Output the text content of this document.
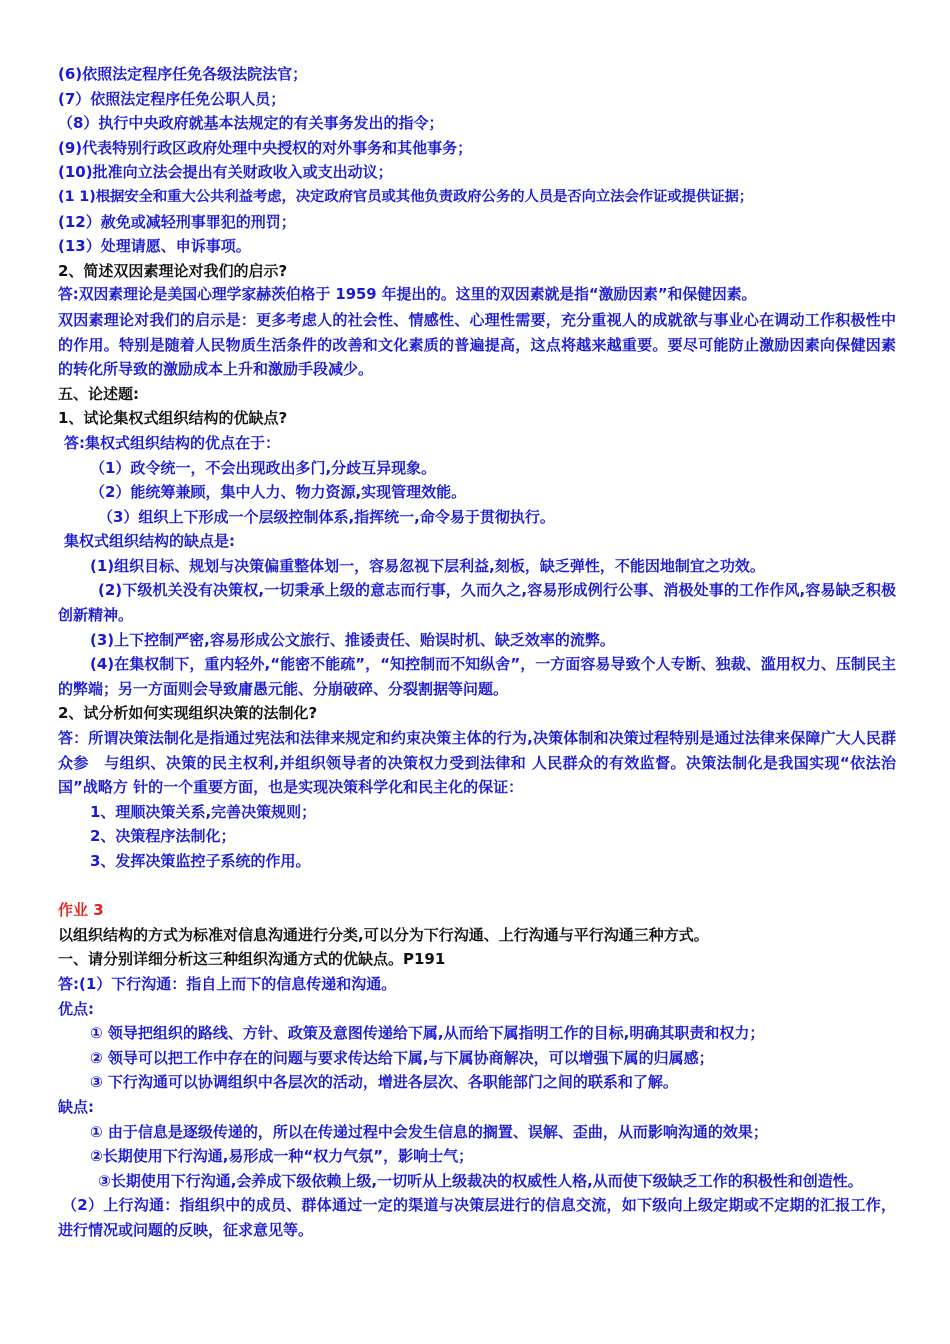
(6)依照法定程序任免各级法院法官；
(7）依照法定程序任免公职人员；
（8）执行中央政府就基本法规定的有关事务发出的指令；
(9)代表特别行政区政府处理中央授权的对外事务和其他事务；
(10)批准向立法会提出有关财政收入或支出动议；
(1 1)根据安全和重大公共利益考虑，决定政府官员或其他负责政府公务的人员是否向立法会作证或提供证据；
(12）赦免或减轻刑事罪犯的刑罚；
(13）处理请愿、申诉事项。
2、简述双因素理论对我们的启示?
答:双因素理论是美国心理学家赫茨伯格于 1959 年提出的。这里的双因素就是指“激励因素”和保健因素。
双因素理论对我们的启示是：更多考虑人的社会性、情感性、心理性需要，充分重视人的成就欲与事业心在调动工作积极性中的作用。特别是随着人民物质生活条件的改善和文化素质的普遍提高，这点将越来越重要。要尽可能防止激励因素向保健因素的转化所导致的激励成本上升和激励手段减少。
五、论述题:
1、试论集权式组织结构的优缺点?
答:集权式组织结构的优点在于：
（1）政令统一，不会出现政出多门,分歧互异现象。
（2）能统筹兼顾，集中人力、物力资源,实现管理效能。
（3）组织上下形成一个层级控制体系,指挥统一,命令易于贯彻执行。
集权式组织结构的缺点是:
(1)组织目标、规划与决策偏重整体划一，容易忽视下层利益,刻板，缺乏弹性，不能因地制宜之功效。
(2)下级机关没有决策权,一切秉承上级的意志而行事，久而久之,容易形成例行公事、消极处事的工作作风,容易缺乏积极创新精神。
(3)上下控制严密,容易形成公文旅行、推诿责任、贻误时机、缺乏效率的流弊。
(4)在集权制下，重内轻外,“能密不能疏”，“知控制而不知纵舍”，一方面容易导致个人专断、独裁、滥用权力、压制民主的弊端；另一方面则会导致庸愚元能、分崩破碎、分裂割据等问题。
2、试分析如何实现组织决策的法制化?
答：所谓决策法制化是指通过宪法和法律来规定和约束决策主体的行为,决策体制和决策过程特别是通过法律来保障广大人民群众参　与组织、决策的民主权利,并组织领导者的决策权力受到法律和 人民群众的有效监督。决策法制化是我国实现“依法治国”战略方 针的一个重要方面，也是实现决策科学化和民主化的保证：
1、理顺决策关系,完善决策规则；
2、决策程序法制化；
3、发挥决策监控子系统的作用。
作业 3
以组织结构的方式为标准对信息沟通进行分类,可以分为下行沟通、上行沟通与平行沟通三种方式。
一、请分别详细分析这三种组织沟通方式的优缺点。P191
答:(1）下行沟通：指自上而下的信息传递和沟通。
优点:
① 领导把组织的路线、方针、政策及意图传递给下属,从而给下属指明工作的目标,明确其职责和权力；
② 领导可以把工作中存在的问题与要求传达给下属,与下属协商解决，可以增强下属的归属感；
③ 下行沟通可以协调组织中各层次的活动，增进各层次、各职能部门之间的联系和了解。
缺点:
① 由于信息是逐级传递的，所以在传递过程中会发生信息的搁置、误解、歪曲，从而影响沟通的效果；
②长期使用下行沟通,易形成一种“权力气氛”，影响士气；
③长期使用下行沟通,会养成下级依赖上级,一切听从上级裁决的权威性人格,从而使下级缺乏工作的积极性和创造性。
（2）上行沟通：指组织中的成员、群体通过一定的渠道与决策层进行的信息交流，如下级向上级定期或不定期的汇报工作，进行情况或问题的反映，征求意见等。
